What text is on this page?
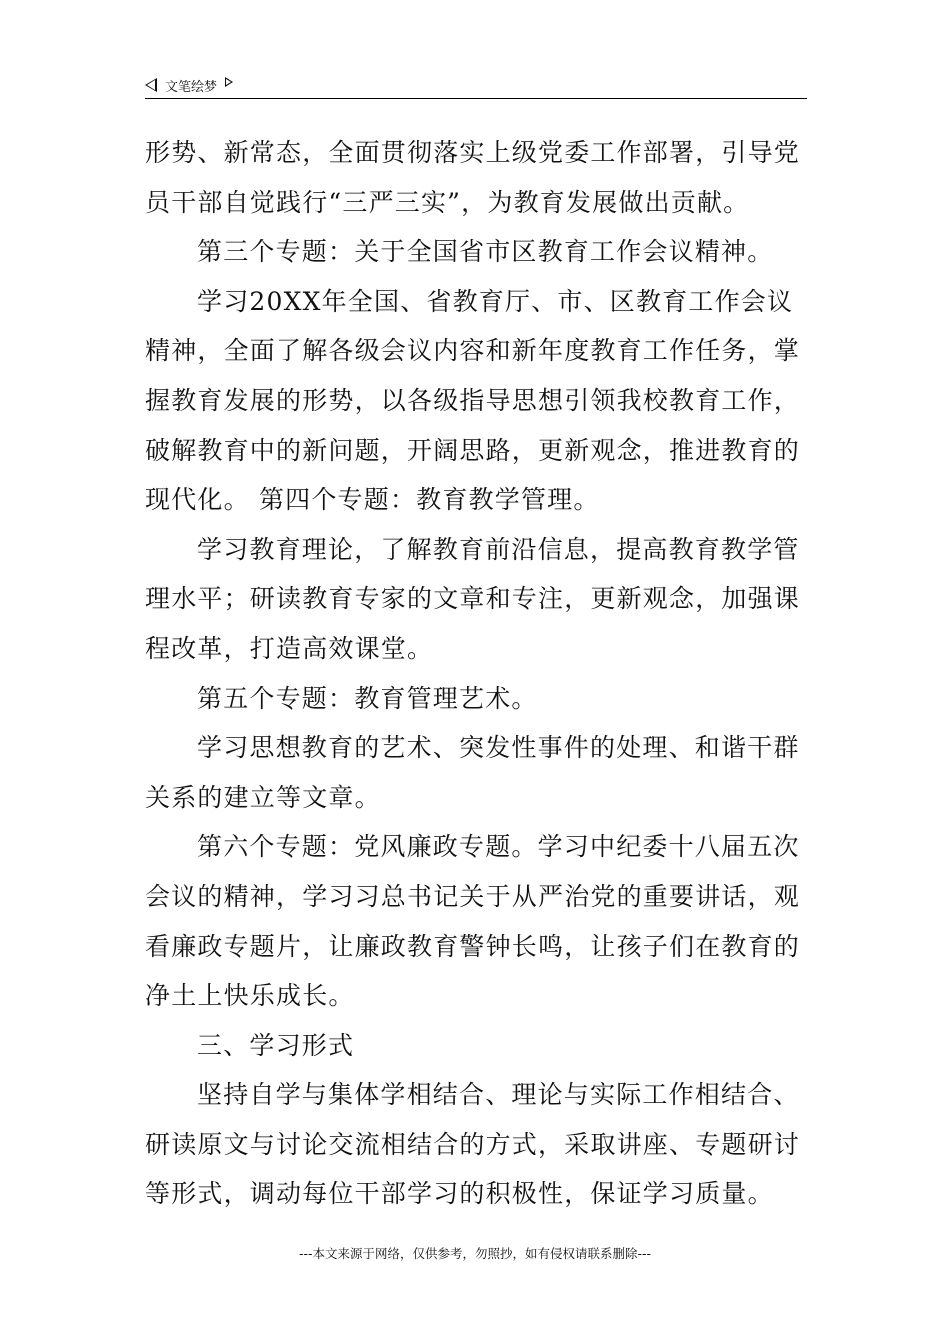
文笔绘梦

形势、新常态，全面贯彻落实上级党委工作部署，引导党员干部自觉践行“三严三实”，为教育发展做出贡献。

第三个专题：关于全国省市区教育工作会议精神。

学习20XX年全国、省教育厅、市、区教育工作会议精神，全面了解各级会议内容和新年度教育工作任务，掌握教育发展的形势，以各级指导思想引领我校教育工作，破解教育中的新问题，开阔思路，更新观念，推进教育的现代化。 第四个专题：教育教学管理。

学习教育理论，了解教育前沿信息，提高教育教学管理水平；研读教育专家的文章和专注，更新观念，加强课程改革，打造高效课堂。

第五个专题：教育管理艺术。

学习思想教育的艺术、突发性事件的处理、和谐干群关系的建立等文章。

第六个专题：党风廉政专题。学习中纪委十八届五次会议的精神，学习习总书记关于从严治党的重要讲话，观看廉政专题片，让廉政教育警钟长鸣，让孩子们在教育的净土上快乐成长。

三、学习形式

坚持自学与集体学相结合、理论与实际工作相结合、研读原文与讨论交流相结合的方式，采取讲座、专题研讨等形式，调动每位干部学习的积极性，保证学习质量。

---本文来源于网络，仅供参考，勿照抄，如有侵权请联系删除---
